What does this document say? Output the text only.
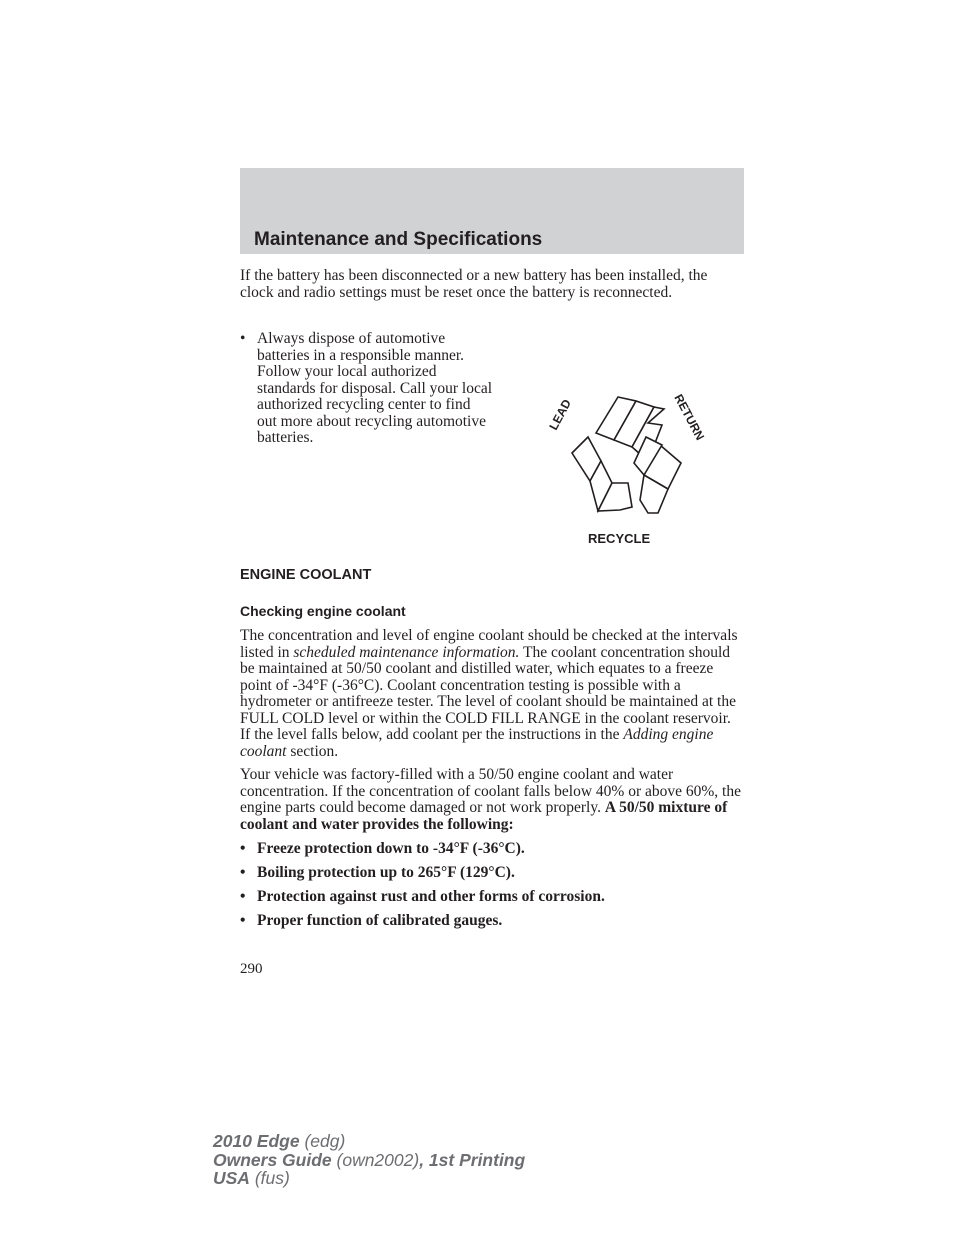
Maintenance and Specifications

If the battery has been disconnected or a new battery has been installed, the clock and radio settings must be reset once the battery is reconnected.

• Always dispose of automotive batteries in a responsible manner. Follow your local authorized standards for disposal. Call your local authorized recycling center to find out more about recycling automotive batteries.
LEAD	RETURN
RECYCLE
ENGINE COOLANT
Checking engine coolant

The concentration and level of engine coolant should be checked at the intervals listed in scheduled maintenance information. The coolant concentration should be maintained at 50/50 coolant and distilled water, which equates to a freeze point of -34°F (-36°C). Coolant concentration testing is possible with a hydrometer or antifreeze tester. The level of coolant should be maintained at the FULL COLD level or within the COLD FILL RANGE in the coolant reservoir. If the level falls below, add coolant per the instructions in the Adding engine coolant section.

Your vehicle was factory-filled with a 50/50 engine coolant and water concentration. If the concentration of coolant falls below 40% or above 60%, the engine parts could become damaged or not work properly. A 50/50 mixture of coolant and water provides the following:

• Freeze protection down to -34°F (-36°C).
• Boiling protection up to 265°F (129°C).
• Protection against rust and other forms of corrosion.
• Proper function of calibrated gauges.
290
2010 Edge (edg)
Owners Guide (own2002), 1st Printing
USA (fus)
